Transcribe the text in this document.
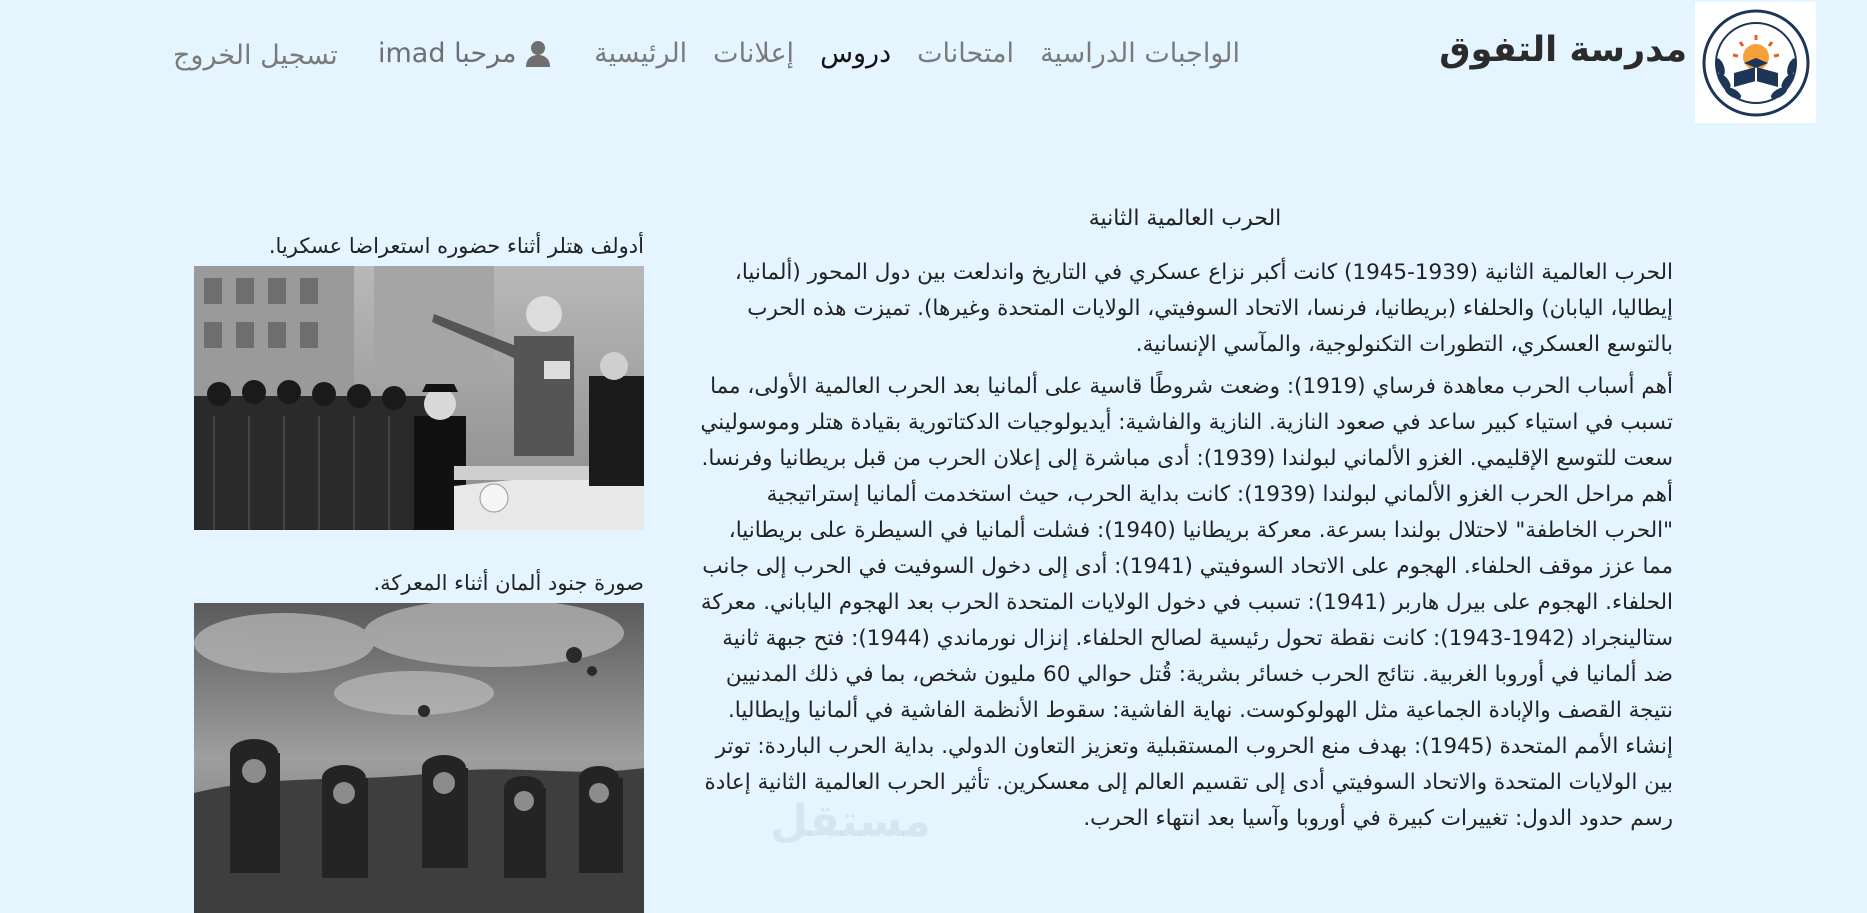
مدرسة التفوق
الرئيسية إعلانات دروس امتحانات الواجبات الدراسية
مرحبا imad
تسجيل الخروج
الحرب العالمية الثانية

الحرب العالمية الثانية (1939-1945) كانت أكبر نزاع عسكري في التاريخ واندلعت بين دول المحور (ألمانيا، إيطاليا، اليابان) والحلفاء (بريطانيا، فرنسا، الاتحاد السوفيتي، الولايات المتحدة وغيرها). تميزت هذه الحرب بالتوسع العسكري، التطورات التكنولوجية، والمآسي الإنسانية.

أهم أسباب الحرب معاهدة فرساي (1919): وضعت شروطًا قاسية على ألمانيا بعد الحرب العالمية الأولى، مما تسبب في استياء كبير ساعد في صعود النازية. النازية والفاشية: أيديولوجيات الدكتاتورية بقيادة هتلر وموسوليني سعت للتوسع الإقليمي. الغزو الألماني لبولندا (1939): أدى مباشرة إلى إعلان الحرب من قبل بريطانيا وفرنسا. أهم مراحل الحرب الغزو الألماني لبولندا (1939): كانت بداية الحرب، حيث استخدمت ألمانيا إستراتيجية "الحرب الخاطفة" لاحتلال بولندا بسرعة. معركة بريطانيا (1940): فشلت ألمانيا في السيطرة على بريطانيا، مما عزز موقف الحلفاء. الهجوم على الاتحاد السوفيتي (1941): أدى إلى دخول السوفيت في الحرب إلى جانب الحلفاء. الهجوم على بيرل هاربر (1941): تسبب في دخول الولايات المتحدة الحرب بعد الهجوم الياباني. معركة ستالينجراد (1942-1943): كانت نقطة تحول رئيسية لصالح الحلفاء. إنزال نورماندي (1944): فتح جبهة ثانية ضد ألمانيا في أوروبا الغربية. نتائج الحرب خسائر بشرية: قُتل حوالي 60 مليون شخص، بما في ذلك المدنيين نتيجة القصف والإبادة الجماعية مثل الهولوكوست. نهاية الفاشية: سقوط الأنظمة الفاشية في ألمانيا وإيطاليا. إنشاء الأمم المتحدة (1945): بهدف منع الحروب المستقبلية وتعزيز التعاون الدولي. بداية الحرب الباردة: توتر بين الولايات المتحدة والاتحاد السوفيتي أدى إلى تقسيم العالم إلى معسكرين. تأثير الحرب العالمية الثانية إعادة رسم حدود الدول: تغييرات كبيرة في أوروبا وآسيا بعد انتهاء الحرب.

أدولف هتلر أثناء حضوره استعراضا عسكريا.
صورة جنود ألمان أثناء المعركة.
مستقل
